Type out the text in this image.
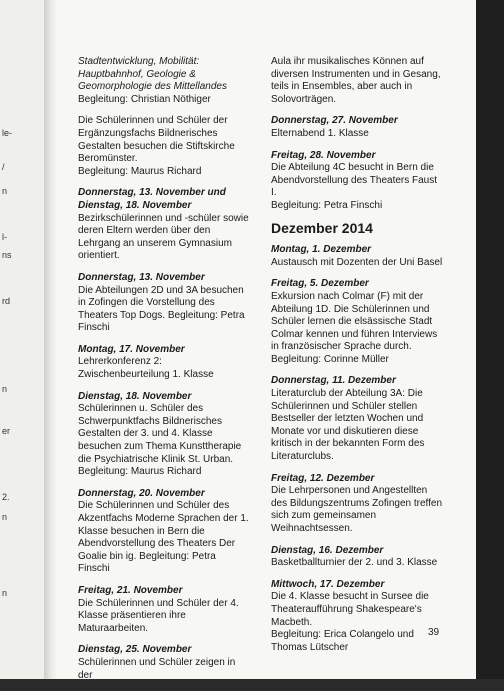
le-
/
n
l-
ns
rd
n
er
2.
n
n
Stadtentwicklung, Mobilität: Hauptbahnhof, Geologie & Geomorphologie des Mittellandes
Begleitung: Christian Nöthiger
Die Schülerinnen und Schüler der Ergänzungsfachs Bildnerisches Gestalten besuchen die Stiftskirche Beromünster.
Begleitung: Maurus Richard
Donnerstag, 13. November und Dienstag, 18. November
Bezirkschülerinnen und -schüler sowie deren Eltern werden über den Lehrgang an unserem Gymnasium orientiert.
Donnerstag, 13. November
Die Abteilungen 2D und 3A besuchen in Zofingen die Vorstellung des Theaters Top Dogs. Begleitung: Petra Finschi
Montag, 17. November
Lehrerkonferenz 2:
Zwischenbeurteilung 1. Klasse
Dienstag, 18. November
Schülerinnen u. Schüler des Schwerpunktfachs Bildnerisches Gestalten der 3. und 4. Klasse besuchen zum Thema Kunsttherapie die Psychiatrische Klinik St. Urban. Begleitung: Maurus Richard
Donnerstag, 20. November
Die Schülerinnen und Schüler des Akzentfachs Moderne Sprachen der 1. Klasse besuchen in Bern die Abendvorstellung des Theaters Der Goalie bin ig. Begleitung: Petra Finschi
Freitag, 21. November
Die Schülerinnen und Schüler der 4. Klasse präsentieren ihre Maturaarbeiten.
Dienstag, 25. November
Schülerinnen und Schüler zeigen in der
Aula ihr musikalisches Können auf diversen Instrumenten und in Gesang, teils in Ensembles, aber auch in Solovorträgen.
Donnerstag, 27. November
Elternabend 1. Klasse
Freitag, 28. November
Die Abteilung 4C besucht in Bern die Abendvorstellung des Theaters Faust I.
Begleitung: Petra Finschi
Dezember 2014
Montag, 1. Dezember
Austausch mit Dozenten der Uni Basel
Freitag, 5. Dezember
Exkursion nach Colmar (F) mit der Abteilung 1D. Die Schülerinnen und Schüler lernen die elsässische Stadt Colmar kennen und führen Interviews in französischer Sprache durch.
Begleitung: Corinne Müller
Donnerstag, 11. Dezember
Literaturclub der Abteilung 3A: Die Schülerinnen und Schüler stellen Bestseller der letzten Wochen und Monate vor und diskutieren diese kritisch in der bekannten Form des Literaturclubs.
Freitag, 12. Dezember
Die Lehrpersonen und Angestellten des Bildungszentrums Zofingen treffen sich zum gemeinsamen Weihnachtsessen.
Dienstag, 16. Dezember
Basketballturnier der 2. und 3. Klasse
Mittwoch, 17. Dezember
Die 4. Klasse besucht in Sursee die Theateraufführung Shakespeare's Macbeth.
Begleitung: Erica Colangelo und Thomas Lütscher
39
